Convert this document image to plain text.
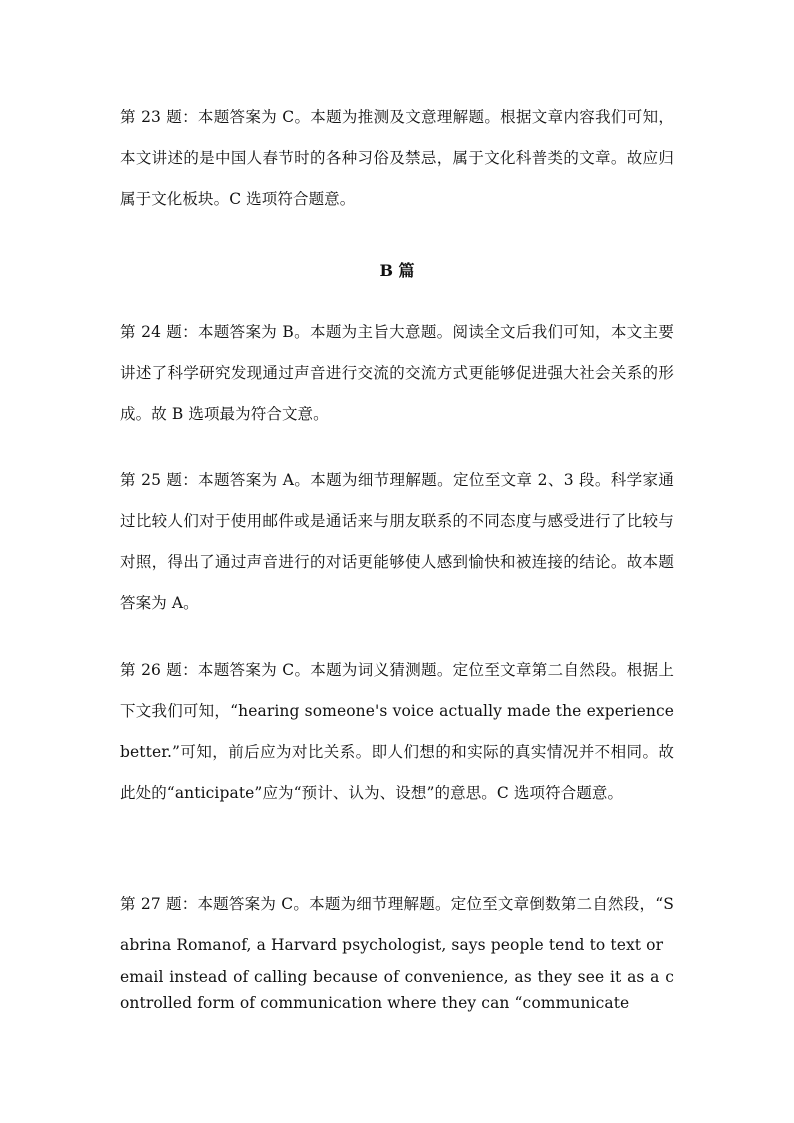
第 23 题：本题答案为 C。本题为推测及文意理解题。根据文章内容我们可知，本文讲述的是中国人春节时的各种习俗及禁忌，属于文化科普类的文章。故应归属于文化板块。C 选项符合题意。

B 篇

第 24 题：本题答案为 B。本题为主旨大意题。阅读全文后我们可知，本文主要讲述了科学研究发现通过声音进行交流的交流方式更能够促进强大社会关系的形成。故 B 选项最为符合文意。

第 25 题：本题答案为 A。本题为细节理解题。定位至文章 2、3 段。科学家通过比较人们对于使用邮件或是通话来与朋友联系的不同态度与感受进行了比较与对照，得出了通过声音进行的对话更能够使人感到愉快和被连接的结论。故本题答案为 A。

第 26 题：本题答案为 C。本题为词义猜测题。定位至文章第二自然段。根据上下文我们可知，“hearing someone's voice actually made the experience better.”可知，前后应为对比关系。即人们想的和实际的真实情况并不相同。故此处的“anticipate”应为“预计、认为、设想”的意思。C 选项符合题意。

第 27 题：本题答案为 C。本题为细节理解题。定位至文章倒数第二自然段，“Sabrina Romanof, a Harvard psychologist, says people tend to text or

email instead of calling because of convenience, as they see it as a controlled form of communication where they can “communicate
